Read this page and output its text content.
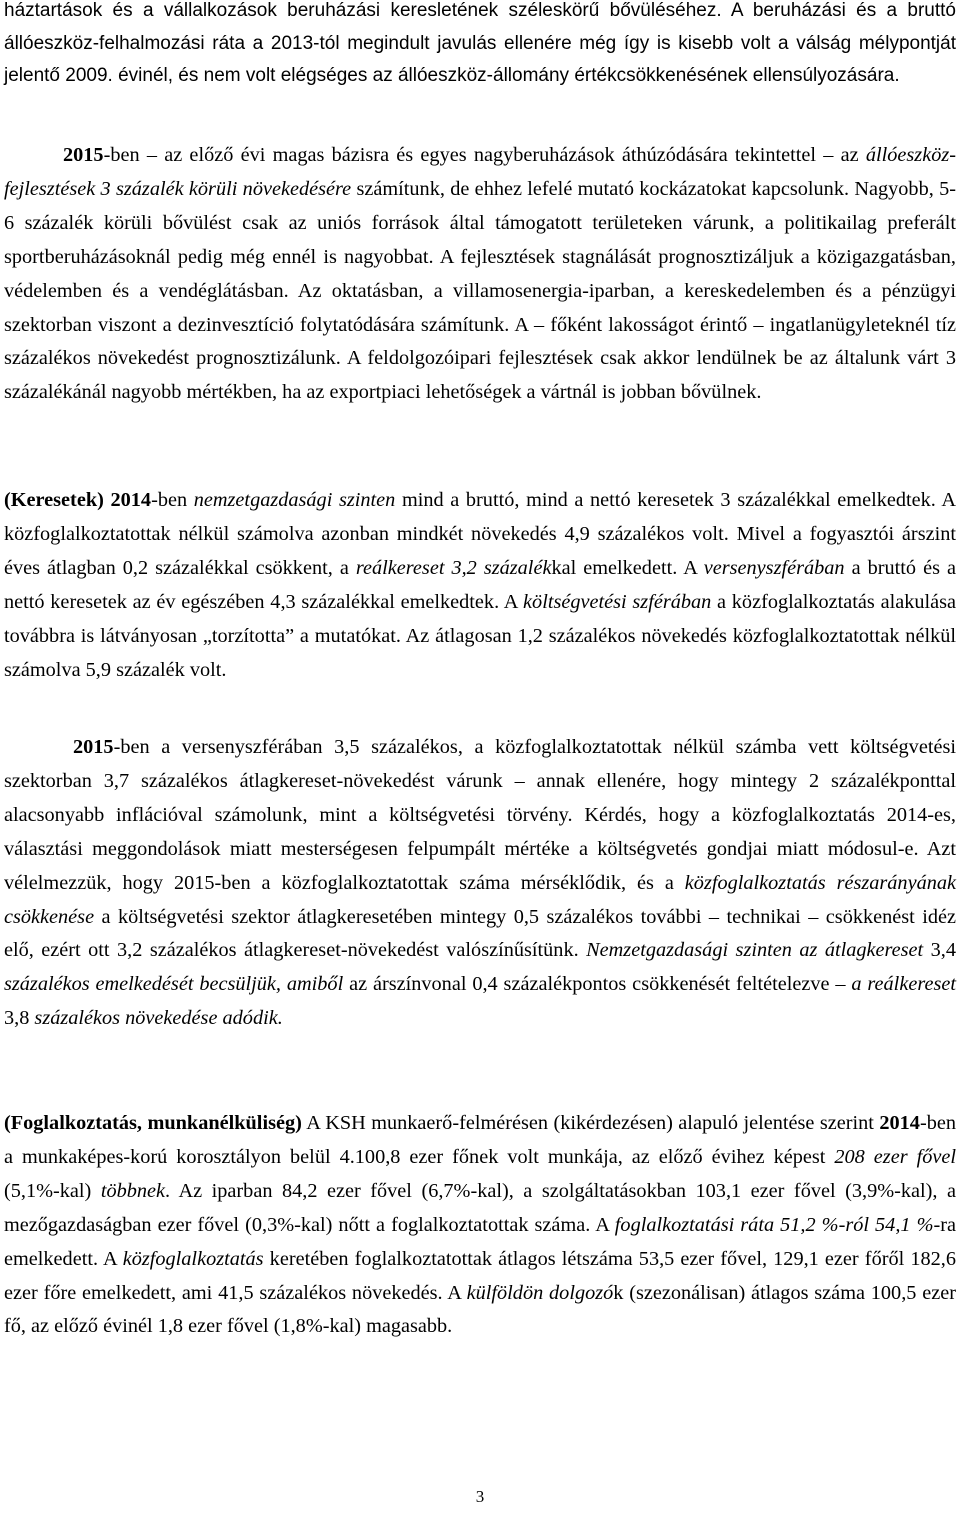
háztartások és a vállalkozások beruházási keresletének széleskörű bővüléséhez. A beruházási és a bruttó állóeszköz-felhalmozási ráta a 2013-tól megindult javulás ellenére még így is kisebb volt a válság mélypontját jelentő 2009. évinél, és nem volt elégséges az állóeszköz-állomány értékcsökkenésének ellensúlyozására.

2015-ben – az előző évi magas bázisra és egyes nagyberuházások áthúzódására tekintettel – az állóeszköz-fejlesztések 3 százalék körüli növekedésére számítunk, de ehhez lefelé mutató kockázatokat kapcsolunk. Nagyobb, 5-6 százalék körüli bővülést csak az uniós források által támogatott területeken várunk, a politikailag preferált sportberuházásoknál pedig még ennél is nagyobbat. A fejlesztések stagnálását prognosztizáljuk a közigazgatásban, védelemben és a vendéglátásban. Az oktatásban, a villamosenergia-iparban, a kereskedelemben és a pénzügyi szektorban viszont a dezinvesztíció folytatódására számítunk. A – főként lakosságot érintő – ingatlanügyleteknél tíz százalékos növekedést prognosztizálunk. A feldolgozóipari fejlesztések csak akkor lendülnek be az általunk várt 3 százalékánál nagyobb mértékben, ha az exportpiaci lehetőségek a vártnál is jobban bővülnek.

(Keresetek) 2014-ben nemzetgazdasági szinten mind a bruttó, mind a nettó keresetek 3 százalékkal emelkedtek. A közfoglalkoztatottak nélkül számolva azonban mindkét növekedés 4,9 százalékos volt. Mivel a fogyasztói árszint éves átlagban 0,2 százalékkal csökkent, a reálkereset 3,2 százalékkal emelkedett. A versenyszférában a bruttó és a nettó keresetek az év egészében 4,3 százalékkal emelkedtek. A költségvetési szférában a közfoglalkoztatás alakulása továbbra is látványosan „torzította” a mutatókat. Az átlagosan 1,2 százalékos növekedés közfoglalkoztatottak nélkül számolva 5,9 százalék volt.

2015-ben a versenyszférában 3,5 százalékos, a közfoglalkoztatottak nélkül számba vett költségvetési szektorban 3,7 százalékos átlagkereset-növekedést várunk – annak ellenére, hogy mintegy 2 százalékponttal alacsonyabb inflációval számolunk, mint a költségvetési törvény. Kérdés, hogy a közfoglalkoztatás 2014-es, választási meggondolások miatt mesterségesen felpumpált mértéke a költségvetés gondjai miatt módosul-e. Azt vélelmezzük, hogy 2015-ben a közfoglalkoztatottak száma mérséklődik, és a közfoglalkoztatás részarányának csökkenése a költségvetési szektor átlagkeresetében mintegy 0,5 százalékos további – technikai – csökkenést idéz elő, ezért ott 3,2 százalékos átlagkereset-növekedést valószínűsítünk. Nemzetgazdasági szinten az átlagkereset 3,4 százalékos emelkedését becsüljük, amiből az árszínvonal 0,4 százalékpontos csökkenését feltételezve – a reálkereset 3,8 százalékos növekedése adódik.

(Foglalkoztatás, munkanélküliség) A KSH munkaerő-felmérésen (kikérdezésen) alapuló jelentése szerint 2014-ben a munkaképes-korú korosztályon belül 4.100,8 ezer főnek volt munkája, az előző évihez képest 208 ezer fővel (5,1%-kal) többnek. Az iparban 84,2 ezer fővel (6,7%-kal), a szolgáltatásokban 103,1 ezer fővel (3,9%-kal), a mezőgazdaságban ezer fővel (0,3%-kal) nőtt a foglalkoztatottak száma. A foglalkoztatási ráta 51,2 %-ról 54,1 %-ra emelkedett. A közfoglalkoztatás keretében foglalkoztatottak átlagos létszáma 53,5 ezer fővel, 129,1 ezer főről 182,6 ezer főre emelkedett, ami 41,5 százalékos növekedés. A külföldön dolgozók (szezonálisan) átlagos száma 100,5 ezer fő, az előző évinél 1,8 ezer fővel (1,8%-kal) magasabb.

3
